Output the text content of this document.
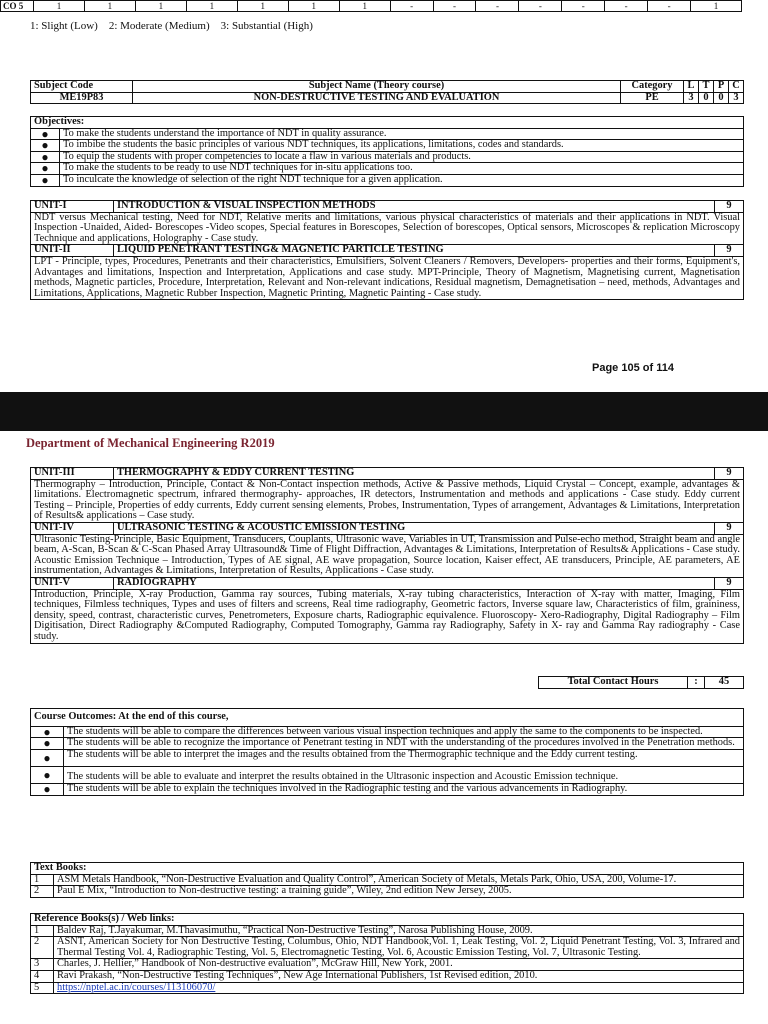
CO 5	1	1	1	1	1	1	1	-	-	-	-	-	-	-	1
1: Slight (Low)    2: Moderate (Medium)    3: Substantial (High)
Subject Code	Subject Name (Theory course)	Category	L	T	P	C
ME19P83	NON-DESTRUCTIVE TESTING AND EVALUATION	PE	3	0	0	3
Objectives:	
●	To make the students understand the importance of NDT in quality assurance.
●	To imbibe the students the basic principles of various NDT techniques, its applications, limitations, codes and standards.
●	To equip the students with proper competencies to locate a flaw in various materials and products.
●	To make the students to be ready to use NDT techniques for in-situ applications too.
●	To inculcate the knowledge of selection of the right NDT technique for a given application.
UNIT-I	INTRODUCTION & VISUAL INSPECTION METHODS	9
NDT versus Mechanical testing, Need for NDT, Relative merits and limitations, various physical characteristics of materials and their applications in NDT. Visual Inspection -Unaided, Aided- Borescopes -Video scopes, Special features in Borescopes, Selection of borescopes, Optical sensors, Microscopes & replication Microscopy Technique and applications, Holography - Case study.		
UNIT-II	LIQUID PENETRANT TESTING& MAGNETIC PARTICLE TESTING	9
LPT - Principle, types, Procedures, Penetrants and their characteristics, Emulsifiers, Solvent Cleaners / Removers, Developers- properties and their forms, Equipment's, Advantages and limitations, Inspection and Interpretation, Applications and case study. MPT-Principle, Theory of Magnetism, Magnetising current, Magnetisation methods, Magnetic particles, Procedure, Interpretation, Relevant and Non-relevant indications, Residual magnetism, Demagnetisation – need, methods, Advantages and Limitations, Applications, Magnetic Rubber Inspection, Magnetic Printing, Magnetic Painting - Case study.		
Page 105 of 114
Department of Mechanical Engineering R2019
UNIT-III	THERMOGRAPHY & EDDY CURRENT TESTING	9
Thermography – Introduction, Principle, Contact & Non-Contact inspection methods, Active & Passive methods, Liquid Crystal – Concept, example, advantages & limitations. Electromagnetic spectrum, infrared thermography- approaches, IR detectors, Instrumentation and methods and applications - Case study. Eddy current Testing – Principle, Properties of eddy currents, Eddy current sensing elements, Probes, Instrumentation, Types of arrangement, Advantages & Limitations, Interpretation of Results& applications – Case study.		
UNIT-IV	ULTRASONIC TESTING & ACOUSTIC EMISSION TESTING	9
Ultrasonic Testing-Principle, Basic Equipment, Transducers, Couplants, Ultrasonic wave, Variables in UT, Transmission and Pulse-echo method, Straight beam and angle beam, A-Scan, B-Scan & C-Scan Phased Array Ultrasound& Time of Flight Diffraction, Advantages & Limitations, Interpretation of Results& Applications - Case study. Acoustic Emission Technique – Introduction, Types of AE signal, AE wave propagation, Source location, Kaiser effect, AE transducers, Principle, AE parameters, AE instrumentation, Advantages & Limitations, Interpretation of Results, Applications - Case study.		
UNIT-V	RADIOGRAPHY	9
Introduction, Principle, X-ray Production, Gamma ray sources, Tubing materials, X-ray tubing characteristics, Interaction of X-ray with matter, Imaging, Film techniques, Filmless techniques, Types and uses of filters and screens, Real time radiography, Geometric factors, Inverse square law, Characteristics of film, graininess, density, speed, contrast, characteristic curves, Penetrometers, Exposure charts, Radiographic equivalence. Fluoroscopy- Xero-Radiography, Digital Radiography – Film Digitisation, Direct Radiography &Computed Radiography, Computed Tomography, Gamma ray Radiography, Safety in X- ray and Gamma Ray radiography - Case study.		
Total Contact Hours	:	45
Course Outcomes: At the end of this course,	
●	The students will be able to compare the differences between various visual inspection techniques and apply the same to the components to be inspected.
●	The students will be able to recognize the importance of Penetrant testing in NDT with the understanding of the procedures involved in the Penetration methods.
●	The students will be able to interpret the images and the results obtained from the Thermographic technique and the Eddy current testing.
●	The students will be able to evaluate and interpret the results obtained in the Ultrasonic inspection and Acoustic Emission technique.
●	The students will be able to explain the techniques involved in the Radiographic testing and the various advancements in Radiography.
Text Books:	
1	ASM Metals Handbook, “Non-Destructive Evaluation and Quality Control”, American Society of Metals, Metals Park, Ohio, USA, 200, Volume-17.
2	Paul E Mix, “Introduction to Non-destructive testing: a training guide”, Wiley, 2nd edition New Jersey, 2005.
Reference Books(s) / Web links:	
1	Baldev Raj, T.Jayakumar, M.Thavasimuthu, “Practical Non-Destructive Testing”, Narosa Publishing House, 2009.
2	ASNT, American Society for Non Destructive Testing, Columbus, Ohio, NDT Handbook,Vol. 1, Leak Testing, Vol. 2, Liquid Penetrant Testing, Vol. 3, Infrared and Thermal Testing Vol. 4, Radiographic Testing, Vol. 5, Electromagnetic Testing, Vol. 6, Acoustic Emission Testing, Vol. 7, Ultrasonic Testing.
3	Charles, J. Hellier,” Handbook of Non-destructive evaluation”, McGraw Hill, New York, 2001.
4	Ravi Prakash, “Non-Destructive Testing Techniques”, New Age International Publishers, 1st Revised edition, 2010.
5	https://nptel.ac.in/courses/113106070/
